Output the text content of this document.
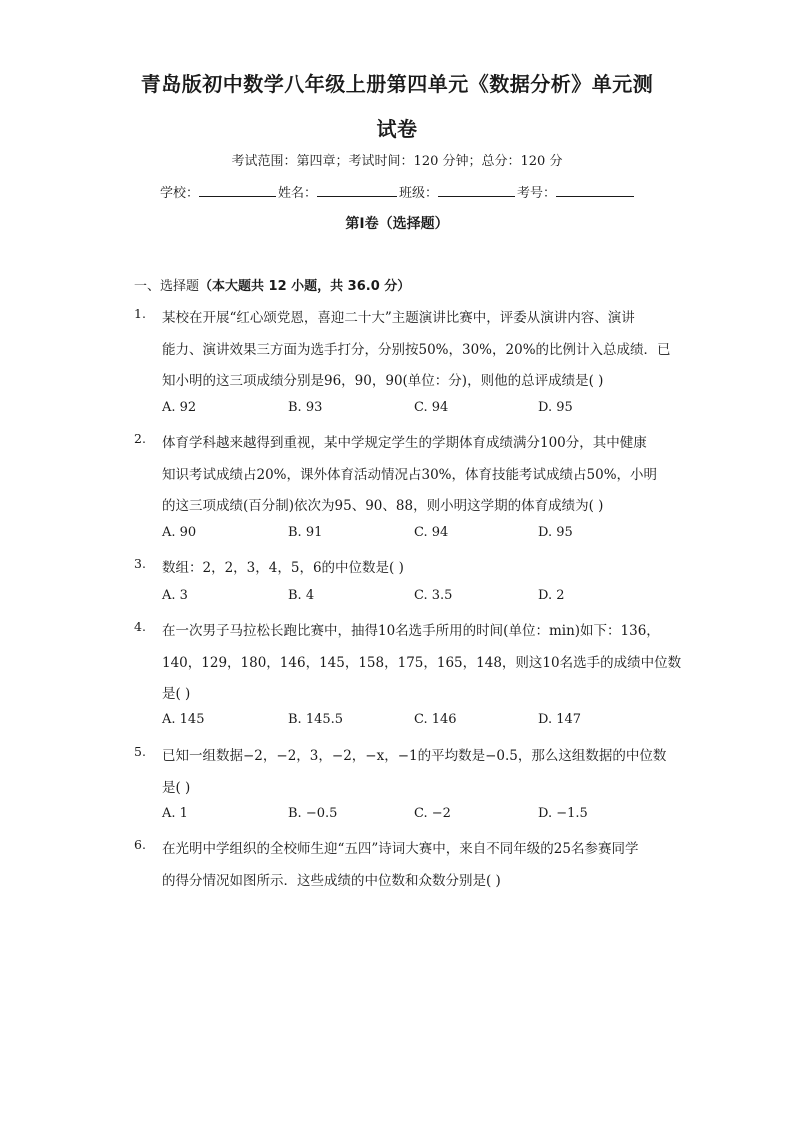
青岛版初中数学八年级上册第四单元《数据分析》单元测
试卷
考试范围：第四章；考试时间：120 分钟；总分：120 分
学校：	姓名：	班级：	考号：
第Ⅰ卷（选择题）
一、选择题（本大题共 12 小题，共 36.0 分）
1.	某校在开展“红心颂党恩，喜迎二十大”主题演讲比赛中，评委从演讲内容、演讲
能力、演讲效果三方面为选手打分，分别按50%，30%，20%的比例计入总成绩．已
知小明的这三项成绩分别是96，90，90(单位：分)，则他的总评成绩是( )
A. 92	B. 93	C. 94	D. 95
2.	体育学科越来越得到重视，某中学规定学生的学期体育成绩满分100分，其中健康
知识考试成绩占20%，课外体育活动情况占30%，体育技能考试成绩占50%，小明
的这三项成绩(百分制)依次为95、90、88，则小明这学期的体育成绩为( )
A. 90	B. 91	C. 94	D. 95
3.	数组：2，2，3，4，5，6的中位数是( )
A. 3	B. 4	C. 3.5	D. 2
4.	在一次男子马拉松长跑比赛中，抽得10名选手所用的时间(单位：min)如下：136，
140，129，180，146，145，158，175，165，148，则这10名选手的成绩中位数
是( )
A. 145	B. 145.5	C. 146	D. 147
5.	已知一组数据−2，−2，3，−2，−x，−1的平均数是−0.5，那么这组数据的中位数
是( )
A. 1	B. −0.5	C. −2	D. −1.5
6.	在光明中学组织的全校师生迎“五四”诗词大赛中，来自不同年级的25名参赛同学
的得分情况如图所示．这些成绩的中位数和众数分别是( )
